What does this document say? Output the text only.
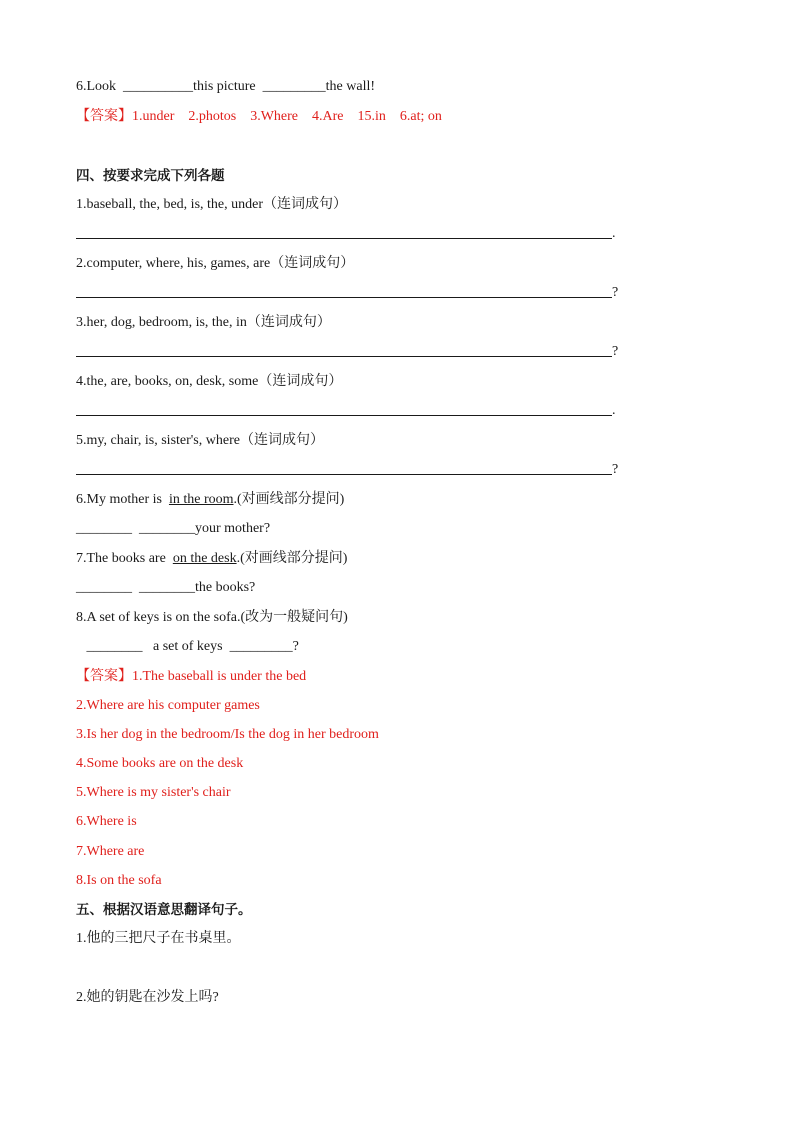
6.Look  __________this picture  _________the wall!
【答案】1.under    2.photos    3.Where    4.Are    15.in    6.at; on
四、按要求完成下列各题
1.baseball, the, bed, is, the, under（连词成句）
.
2.computer, where, his, games, are（连词成句）
?
3.her, dog, bedroom, is, the, in（连词成句）
?
4.the, are, books, on, desk, some（连词成句）
.
5.my, chair, is, sister's, where（连词成句）
?
6.My mother is  in the room.(对画线部分提问)
________  ________your mother?
7.The books are  on the desk.(对画线部分提问)
________  ________the books?
8.A set of keys is on the sofa.(改为一般疑问句)
________   a set of keys  _________?
【答案】1.The baseball is under the bed
2.Where are his computer games
3.Is her dog in the bedroom/Is the dog in her bedroom
4.Some books are on the desk
5.Where is my sister's chair
6.Where is
7.Where are
8.Is on the sofa
五、根据汉语意思翻译句子。
1.他的三把尺子在书桌里。
2.她的钥匙在沙发上吗?
